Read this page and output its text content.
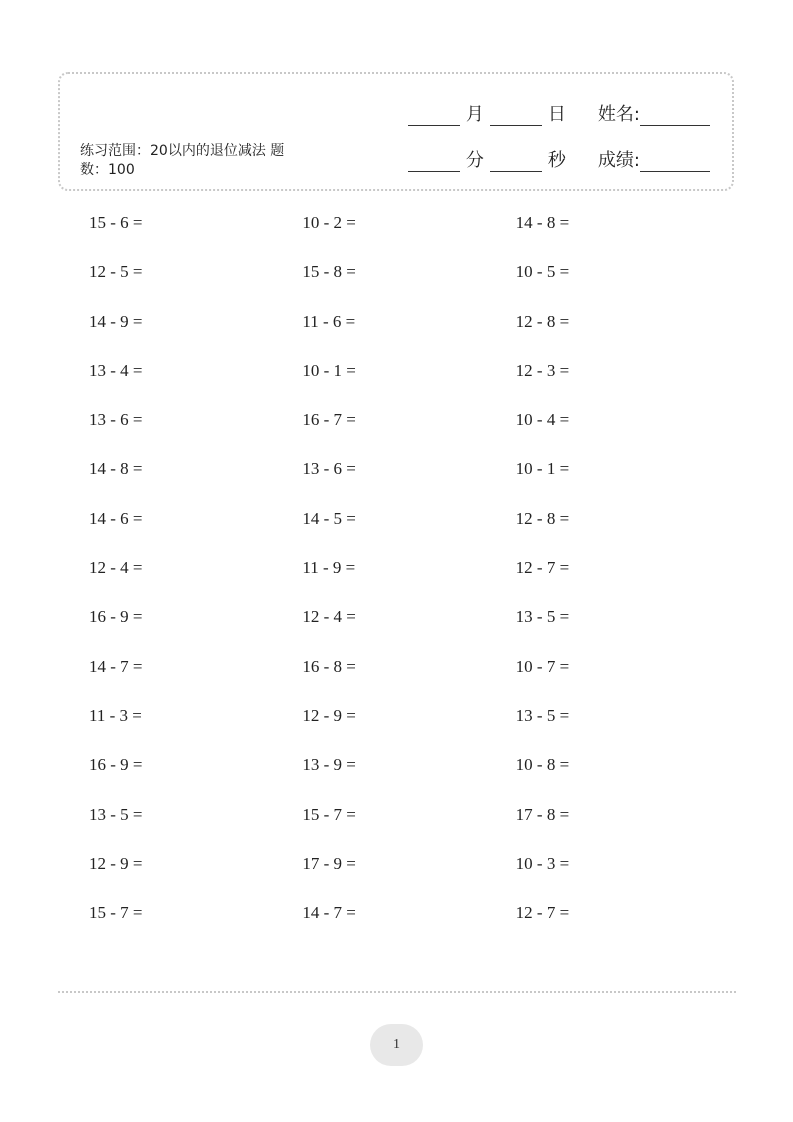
练习范围：20以内的退位减法 题数：100
月	日 姓名:
分	秒 成绩:
15 - 6 =	10 - 2 =	14 - 8 =
12 - 5 =	15 - 8 =	10 - 5 =
14 - 9 =	11 - 6 =	12 - 8 =
13 - 4 =	10 - 1 =	12 - 3 =
13 - 6 =	16 - 7 =	10 - 4 =
14 - 8 =	13 - 6 =	10 - 1 =
14 - 6 =	14 - 5 =	12 - 8 =
12 - 4 =	11 - 9 =	12 - 7 =
16 - 9 =	12 - 4 =	13 - 5 =
14 - 7 =	16 - 8 =	10 - 7 =
11 - 3 =	12 - 9 =	13 - 5 =
16 - 9 =	13 - 9 =	10 - 8 =
13 - 5 =	15 - 7 =	17 - 8 =
12 - 9 =	17 - 9 =	10 - 3 =
15 - 7 =	14 - 7 =	12 - 7 =
1
